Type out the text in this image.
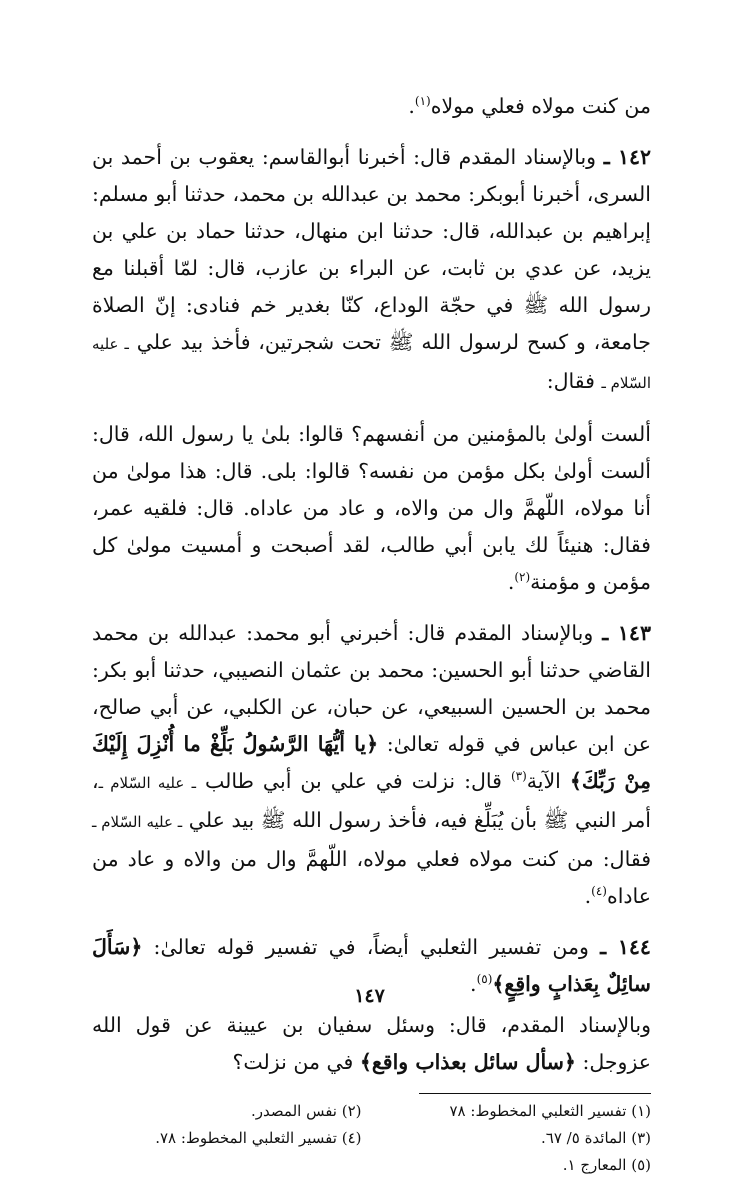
من كنت مولاه فعلي مولاه$^{(١)}$.

١٤٢ ـ وبالإسناد المقدم قال: أخبرنا أبوالقاسم: يعقوب بن أحمد بن السرى، أخبرنا أبوبكر: محمد بن عبدالله بن محمد، حدثنا أبو مسلم: إبراهيم بن عبدالله، قال: حدثنا ابن منهال، حدثنا حماد بن علي بن يزيد، عن عدي بن ثابت، عن البراء بن عازب، قال: لمّا أقبلنا مع رسول الله ﷺ في حجّة الوداع، كنّا بغدير خم فنادى: إنّ الصلاة جامعة، و كسح لرسول الله ﷺ تحت شجرتين، فأخذ بيد علي ـ عليه السّلام ـ فقال:

ألست أولىٰ بالمؤمنين من أنفسهم؟ قالوا: بلىٰ يا رسول الله، قال: ألست أولىٰ بكل مؤمن من نفسه؟ قالوا: بلى. قال: هذا مولىٰ من أنا مولاه، اللّهمَّ وال من والاه، و عاد من عاداه. قال: فلقيه عمر، فقال: هنيئاً لك يابن أبي طالب، لقد أصبحت و أمسيت مولىٰ كل مؤمن و مؤمنة$^{(٢)}$.

١٤٣ ـ وبالإسناد المقدم قال: أخبرني أبو محمد: عبدالله بن محمد القاضي حدثنا أبو الحسين: محمد بن عثمان النصيبي، حدثنا أبو بكر: محمد بن الحسين السبيعي، عن حبان، عن الكلبي، عن أبي صالح، عن ابن عباس في قوله تعالىٰ: ﴿يا أيُّهَا الرَّسُولُ بَلِّغْ ما أُنْزِلَ إِلَيْكَ مِنْ رَبِّكَ﴾ الآية$^{(٣)}$ قال: نزلت في علي بن أبي طالب ـ عليه السّلام ـ، أمر النبي ﷺ بأن يُبَلِّغ فيه، فأخذ رسول الله ﷺ بيد علي ـ عليه السّلام ـ فقال: من كنت مولاه فعلي مولاه، اللّهمَّ وال من والاه و عاد من عاداه$^{(٤)}$.

١٤٤ ـ ومن تفسير الثعلبي أيضاً، في تفسير قوله تعالىٰ: ﴿سَأَلَ سائِلٌ بِعَذابٍ واقِعٍ﴾$^{(٥)}$.

وبالإسناد المقدم، قال: وسئل سفيان بن عيينة عن قول الله عزوجل: ﴿سأل سائل بعذاب واقع﴾ في من نزلت؟

(١) تفسير الثعلبي المخطوط: ٧٨
(٢) نفس المصدر.
(٣) المائدة ٥/ ٦٧.
(٤) تفسير الثعلبي المخطوط: ٧٨.
(٥) المعارج ١.
١٤٧
